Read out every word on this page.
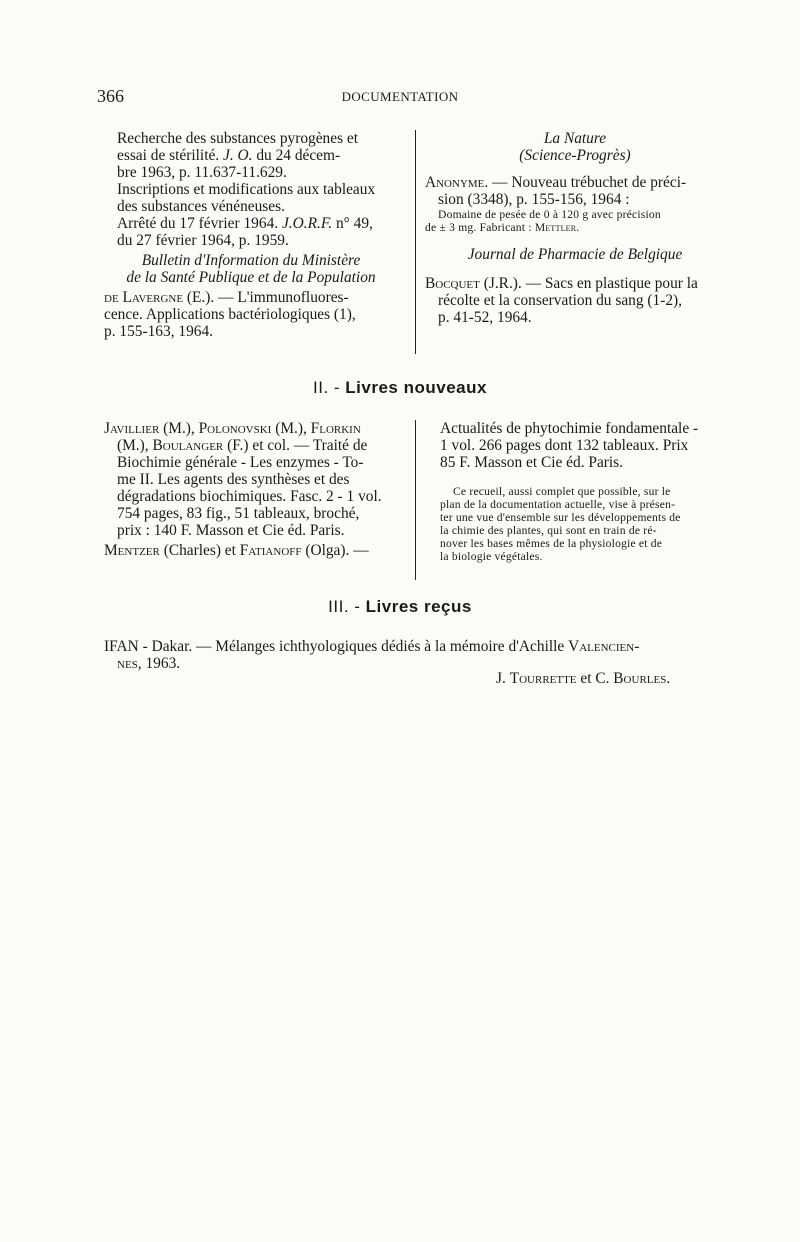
366	DOCUMENTATION

Recherche des substances pyrogènes et
essai de stérilité. J. O. du 24 décem-
bre 1963, p. 11.637-11.629.

Inscriptions et modifications aux tableaux
des substances vénéneuses.

Arrêté du 17 février 1964. J.O.R.F. n° 49,
du 27 février 1964, p. 1959.

Bulletin d'Information du Ministère
de la Santé Publique et de la Population

de Lavergne (E.). — L'immunofluores-
cence. Applications bactériologiques (1),
p. 155-163, 1964.

La Nature
(Science-Progrès)

Anonyme. — Nouveau trébuchet de préci-
sion (3348), p. 155-156, 1964 :

Domaine de pesée de 0 à 120 g avec précision
de ± 3 mg. Fabricant : Mettler.

Journal de Pharmacie de Belgique

Bocquet (J.R.). — Sacs en plastique pour la
récolte et la conservation du sang (1-2),
p. 41-52, 1964.

II. - Livres nouveaux

Javillier (M.), Polonovski (M.), Florkin
(M.), Boulanger (F.) et col. — Traité de
Biochimie générale - Les enzymes - To-
me II. Les agents des synthèses et des
dégradations biochimiques. Fasc. 2 - 1 vol.
754 pages, 83 fig., 51 tableaux, broché,
prix : 140 F. Masson et Cie éd. Paris.

Mentzer (Charles) et Fatianoff (Olga). —

Actualités de phytochimie fondamentale -
1 vol. 266 pages dont 132 tableaux. Prix
85 F. Masson et Cie éd. Paris.

Ce recueil, aussi complet que possible, sur le
plan de la documentation actuelle, vise à présen-
ter une vue d'ensemble sur les développements de
la chimie des plantes, qui sont en train de ré-
nover les bases mêmes de la physiologie et de
la biologie végétales.

III. - Livres reçus

IFAN - Dakar. — Mélanges ichthyologiques dédiés à la mémoire d'Achille Valencien-
nes, 1963.

J. Tourrette et C. Bourles.
